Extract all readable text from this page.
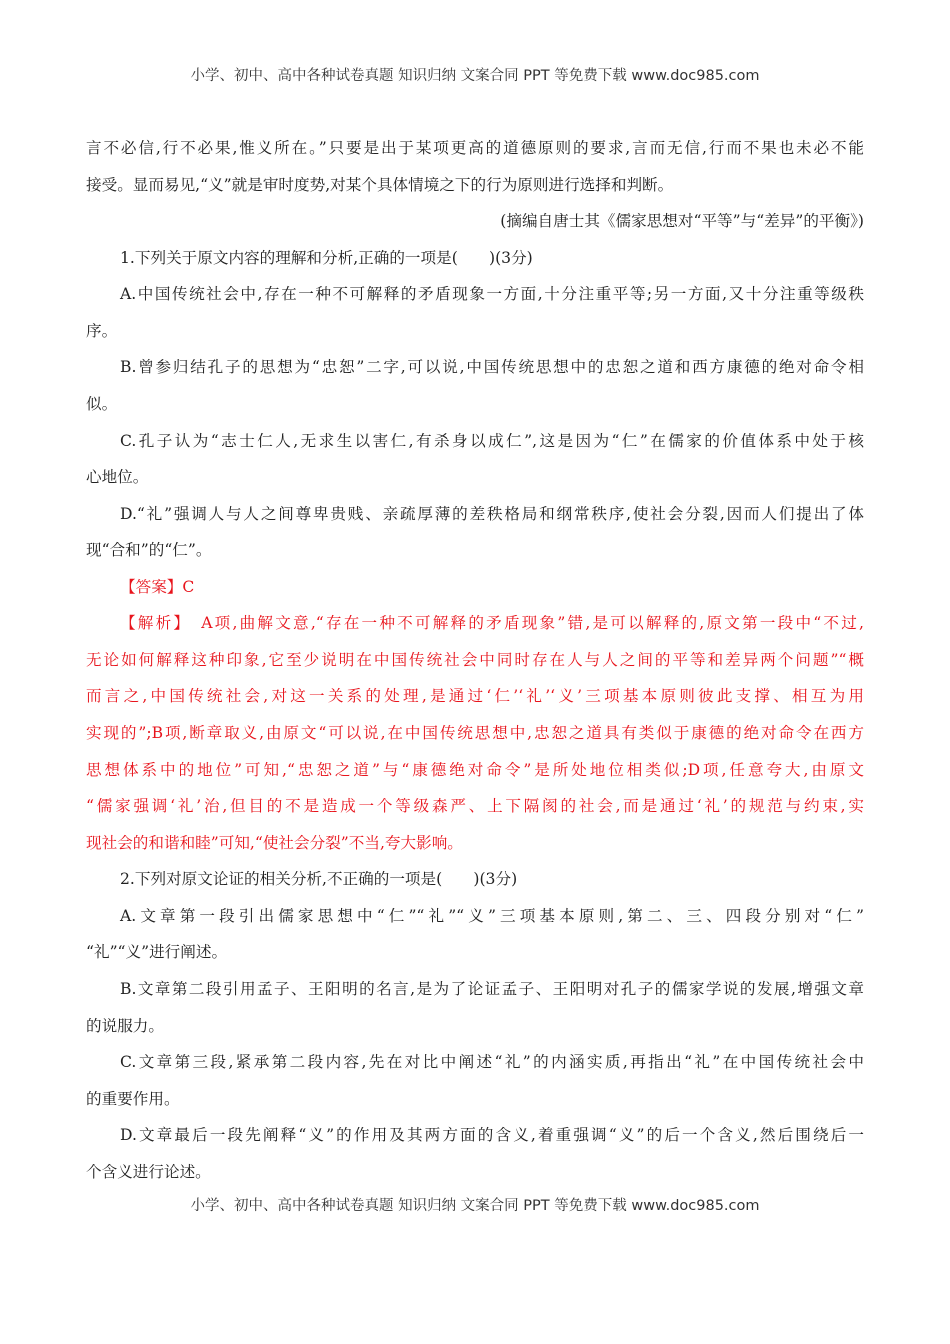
小学、初中、高中各种试卷真题 知识归纳 文案合同 PPT 等免费下载 www.doc985.com
言不必信,行不必果,惟义所在。”只要是出于某项更高的道德原则的要求,言而无信,行而不果也未必不能
接受。显而易见,“义”就是审时度势,对某个具体情境之下的行为原则进行选择和判断。
(摘编自唐士其《儒家思想对“平等”与“差异”的平衡》)
1.下列关于原文内容的理解和分析,正确的一项是(　　)(3分)
A.中国传统社会中,存在一种不可解释的矛盾现象一方面,十分注重平等;另一方面,又十分注重等级秩
序。
B.曾参归结孔子的思想为“忠恕”二字,可以说,中国传统思想中的忠恕之道和西方康德的绝对命令相
似。
C.孔子认为“志士仁人,无求生以害仁,有杀身以成仁”,这是因为“仁”在儒家的价值体系中处于核
心地位。
D.“礼”强调人与人之间尊卑贵贱、亲疏厚薄的差秩格局和纲常秩序,使社会分裂,因而人们提出了体
现“合和”的“仁”。
【答案】C
【解析】　A项,曲解文意,“存在一种不可解释的矛盾现象”错,是可以解释的,原文第一段中“不过,
无论如何解释这种印象,它至少说明在中国传统社会中同时存在人与人之间的平等和差异两个问题”“概
而言之,中国传统社会,对这一关系的处理,是通过‘仁’‘礼’‘义’三项基本原则彼此支撑、相互为用
实现的”;B项,断章取义,由原文“可以说,在中国传统思想中,忠恕之道具有类似于康德的绝对命令在西方
思想体系中的地位”可知,“忠恕之道”与“康德绝对命令”是所处地位相类似;D项,任意夸大,由原文
“儒家强调‘礼’治,但目的不是造成一个等级森严、上下隔阂的社会,而是通过‘礼’的规范与约束,实
现社会的和谐和睦”可知,“使社会分裂”不当,夸大影响。
2.下列对原文论证的相关分析,不正确的一项是(　　)(3分)
A.文章第一段引出儒家思想中“仁”“礼”“义”三项基本原则,第二、三、四段分别对“仁”
“礼”“义”进行阐述。
B.文章第二段引用孟子、王阳明的名言,是为了论证孟子、王阳明对孔子的儒家学说的发展,增强文章
的说服力。
C.文章第三段,紧承第二段内容,先在对比中阐述“礼”的内涵实质,再指出“礼”在中国传统社会中
的重要作用。
D.文章最后一段先阐释“义”的作用及其两方面的含义,着重强调“义”的后一个含义,然后围绕后一
个含义进行论述。
小学、初中、高中各种试卷真题 知识归纳 文案合同 PPT 等免费下载 www.doc985.com
